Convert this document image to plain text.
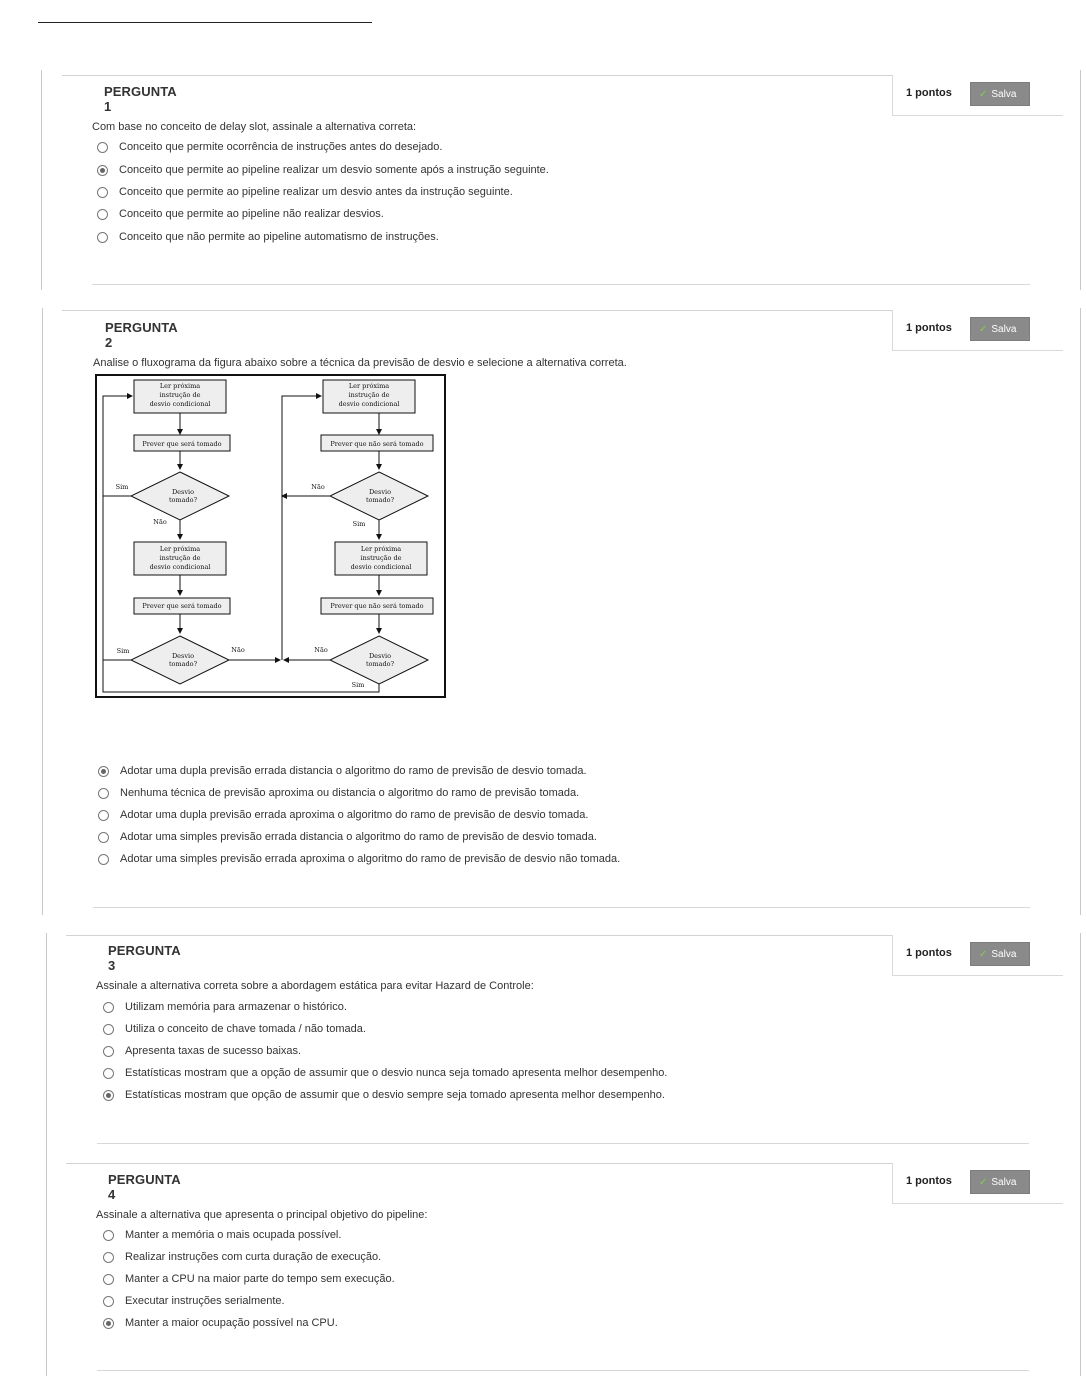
PERGUNTA 1
1 pontos	✓ Salva
Com base no conceito de delay slot, assinale a alternativa correta:
Conceito que permite ocorrência de instruções antes do desejado.
Conceito que permite ao pipeline realizar um desvio somente após a instrução seguinte.
Conceito que permite ao pipeline realizar um desvio antes da instrução seguinte.
Conceito que permite ao pipeline não realizar desvios.
Conceito que não permite ao pipeline automatismo de instruções.
PERGUNTA 2
1 pontos	✓ Salva
Analise o fluxograma da figura abaixo sobre a técnica da previsão de desvio e selecione a alternativa correta.
Ler próxima
instrução de
desvio condicional
Prever que será tomado
Desvio
tomado?
Sim
Não
Ler próxima
instrução de
desvio condicional
Prever que será tomado
Desvio
tomado?
Sim	Não
Ler próxima
instrução de
desvio condicional
Prever que não será tomado
Desvio
tomado?
Não
Sim
Ler próxima
instrução de
desvio condicional
Prever que não será tomado
Desvio
tomado?
Não
Sim
Adotar uma dupla previsão errada distancia o algoritmo do ramo de previsão de desvio tomada.
Nenhuma técnica de previsão aproxima ou distancia o algoritmo do ramo de previsão tomada.
Adotar uma dupla previsão errada aproxima o algoritmo do ramo de previsão de desvio tomada.
Adotar uma simples previsão errada distancia o algoritmo do ramo de previsão de desvio tomada.
Adotar uma simples previsão errada aproxima o algoritmo do ramo de previsão de desvio não tomada.
PERGUNTA 3
1 pontos	✓ Salva
Assinale a alternativa correta sobre a abordagem estática para evitar Hazard de Controle:
Utilizam memória para armazenar o histórico.
Utiliza o conceito de chave tomada / não tomada.
Apresenta taxas de sucesso baixas.
Estatísticas mostram que a opção de assumir que o desvio nunca seja tomado apresenta melhor desempenho.
Estatísticas mostram que opção de assumir que o desvio sempre seja tomado apresenta melhor desempenho.
PERGUNTA 4
1 pontos	✓ Salva
Assinale a alternativa que apresenta o principal objetivo do pipeline:
Manter a memória o mais ocupada possível.
Realizar instruções com curta duração de execução.
Manter a CPU na maior parte do tempo sem execução.
Executar instruções serialmente.
Manter a maior ocupação possível na CPU.
